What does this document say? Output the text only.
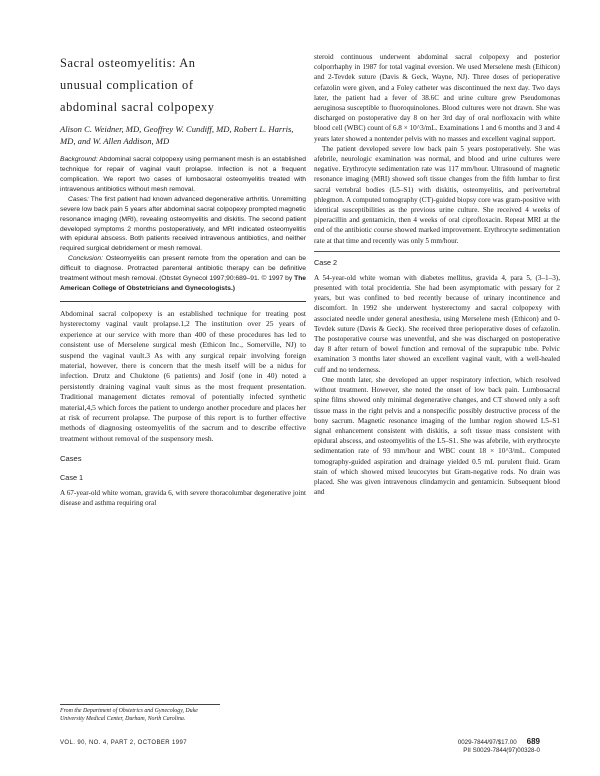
Sacral osteomyelitis: An
unusual complication of
abdominal sacral colpopexy
Alison C. Weidner, MD, Geoffrey W. Cundiff, MD, Robert L. Harris, MD, and W. Allen Addison, MD

Background: Abdominal sacral colpopexy using permanent mesh is an established technique for repair of vaginal vault prolapse. Infection is not a frequent complication. We report two cases of lumbosacral osteomyelitis treated with intravenous antibiotics without mesh removal.

Cases: The first patient had known advanced degenerative arthritis. Unremitting severe low back pain 5 years after abdominal sacral colpopexy prompted magnetic resonance imaging (MRI), revealing osteomyelitis and diskitis. The second patient developed symptoms 2 months postoperatively, and MRI indicated osteomyelitis with epidural abscess. Both patients received intravenous antibiotics, and neither required surgical debridement or mesh removal.

Conclusion: Osteomyelitis can present remote from the operation and can be difficult to diagnose. Protracted parenteral antibiotic therapy can be definitive treatment without mesh removal. (Obstet Gynecol 1997;90:689–91. © 1997 by The American College of Obstetricians and Gynecologists.)

Abdominal sacral colpopexy is an established technique for treating post hysterectomy vaginal vault prolapse.1,2 The institution over 25 years of experience at our service with more than 400 of these procedures has led to consistent use of Merselene surgical mesh (Ethicon Inc., Somerville, NJ) to suspend the vaginal vault.3 As with any surgical repair involving foreign material, however, there is concern that the mesh itself will be a nidus for infection. Drutz and Chuktone (6 patients) and Josif (one in 40) noted a persistently draining vaginal vault sinus as the most frequent presentation. Traditional management dictates removal of potentially infected synthetic material,4,5 which forces the patient to undergo another procedure and places her at risk of recurrent prolapse. The purpose of this report is to further effective methods of diagnosing osteomyelitis of the sacrum and to describe effective treatment without removal of the suspensory mesh.

Cases
Case 1

A 67-year-old white woman, gravida 6, with severe thoracolumbar degenerative joint disease and asthma requiring oral

steroid continuous underwent abdominal sacral colpopexy and posterior colporrhaphy in 1987 for total vaginal eversion. We used Merselene mesh (Ethicon) and 2-Tevdek suture (Davis & Geck, Wayne, NJ). Three doses of perioperative cefazolin were given, and a Foley catheter was discontinued the next day. Two days later, the patient had a fever of 38.6C and urine culture grew Pseudomonas aeruginosa susceptible to fluoroquinolones. Blood cultures were not drawn. She was discharged on postoperative day 8 on her 3rd day of oral norfloxacin with white blood cell (WBC) count of 6.8 × 10^3/mL. Examinations 1 and 6 months and 3 and 4 years later showed a nontender pelvis with no masses and excellent vaginal support.

The patient developed severe low back pain 5 years postoperatively. She was afebrile, neurologic examination was normal, and blood and urine cultures were negative. Erythrocyte sedimentation rate was 117 mm/hour. Ultrasound of magnetic resonance imaging (MRI) showed soft tissue changes from the fifth lumbar to first sacral vertebral bodies (L5–S1) with diskitis, osteomyelitis, and perivertebral phlegmon. A computed tomography (CT)-guided biopsy core was gram-positive with identical susceptibilities as the previous urine culture. She received 4 weeks of piperacillin and gentamicin, then 4 weeks of oral ciprofloxacin. Repeat MRI at the end of the antibiotic course showed marked improvement. Erythrocyte sedimentation rate at that time and recently was only 5 mm/hour.

Case 2

A 54-year-old white woman with diabetes mellitus, gravida 4, para 5, (3–1–3), presented with total procidentia. She had been asymptomatic with pessary for 2 years, but was confined to bed recently because of urinary incontinence and discomfort. In 1992 she underwent hysterectomy and sacral colpopexy with associated needle under general anesthesia, using Merselene mesh (Ethicon) and 0-Tevdek suture (Davis & Geck). She received three perioperative doses of cefazolin. The postoperative course was uneventful, and she was discharged on postoperative day 8 after return of bowel function and removal of the suprapubic tube. Pelvic examination 3 months later showed an excellent vaginal vault, with a well-healed cuff and no tenderness.

One month later, she developed an upper respiratory infection, which resolved without treatment. However, she noted the onset of low back pain. Lumbosacral spine films showed only minimal degenerative changes, and CT showed only a soft tissue mass in the right pelvis and a nonspecific possibly destructive process of the bony sacrum. Magnetic resonance imaging of the lumbar region showed L5–S1 signal enhancement consistent with diskitis, a soft tissue mass consistent with epidural abscess, and osteomyelitis of the L5–S1. She was afebrile, with erythrocyte sedimentation rate of 93 mm/hour and WBC count 18 × 10^3/mL. Computed tomography-guided aspiration and drainage yielded 0.5 mL purulent fluid. Gram stain of which showed mixed leucocytes but Gram-negative rods. No drain was placed. She was given intravenous clindamycin and gentamicin. Subsequent blood and

From the Department of Obstetrics and Gynecology, Duke University Medical Center, Durham, North Carolina.
VOL. 90, NO. 4, PART 2, OCTOBER 1997	0029-7844/97/$17.00 689
PII S0029-7844(97)00328-0
